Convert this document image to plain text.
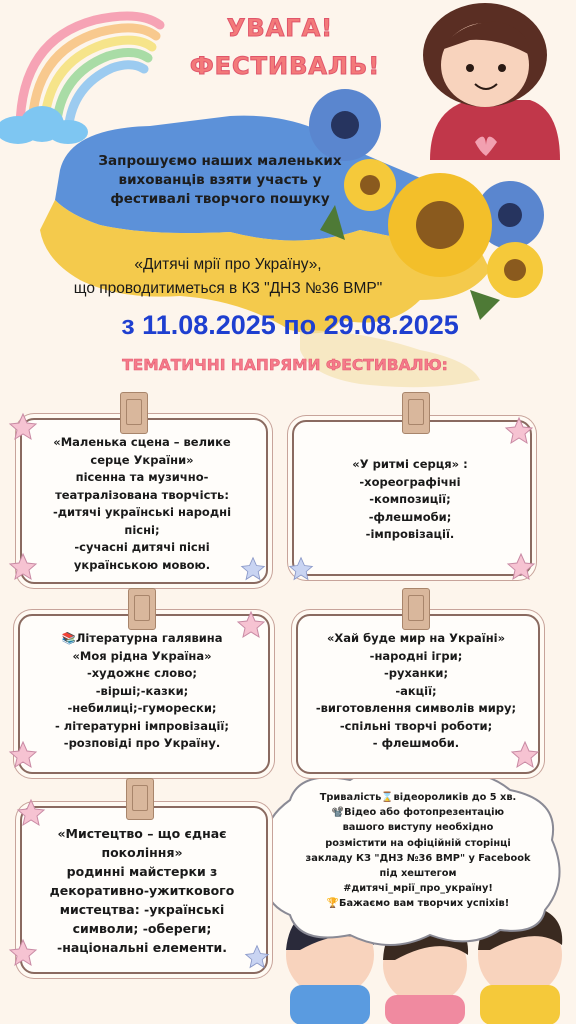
УВАГА!
ФЕСТИВАЛЬ!
Запрошуємо наших маленьких
вихованців взяти участь у
фестивалі творчого пошуку
«Дитячі мрії про Україну»,
що проводитиметься в КЗ "ДНЗ №36 ВМР"
з 11.08.2025 по 29.08.2025
ТЕМАТИЧНІ НАПРЯМИ ФЕСТИВАЛЮ:
«Маленька сцена – велике
серце України»
пісенна та музично-
театралізована творчість:
-дитячі українські народні
пісні;
-сучасні дитячі пісні
українською мовою.
«У ритмі серця» :
-хореографічні
-композиції;
-флешмоби;
-імпровізації.
📚Літературна галявина
«Моя рідна Україна»
-художнє слово;
-вірші;-казки;
-небилиці;-гуморески;
- літературні імпровізації;
-розповіді про Україну.
«Хай буде мир на Україні»
-народні ігри;
-руханки;
-акції;
-виготовлення символів миру;
-спільні творчі роботи;
- флешмоби.
«Мистецтво – що єднає
покоління»
родинні майстерки з
декоративно-ужиткового
мистецтва: -українські
символи; -обереги;
-національні елементи.
Тривалість⌛відеороликів до 5 хв.
📽️Відео або фотопрезентацію
вашого виступу необхідно
розмістити на офіційній сторінці
закладу КЗ "ДНЗ №36 ВМР" у Facebook
під хештегом
#дитячі_мрії_про_україну!
🏆Бажаємо вам творчих успіхів!
